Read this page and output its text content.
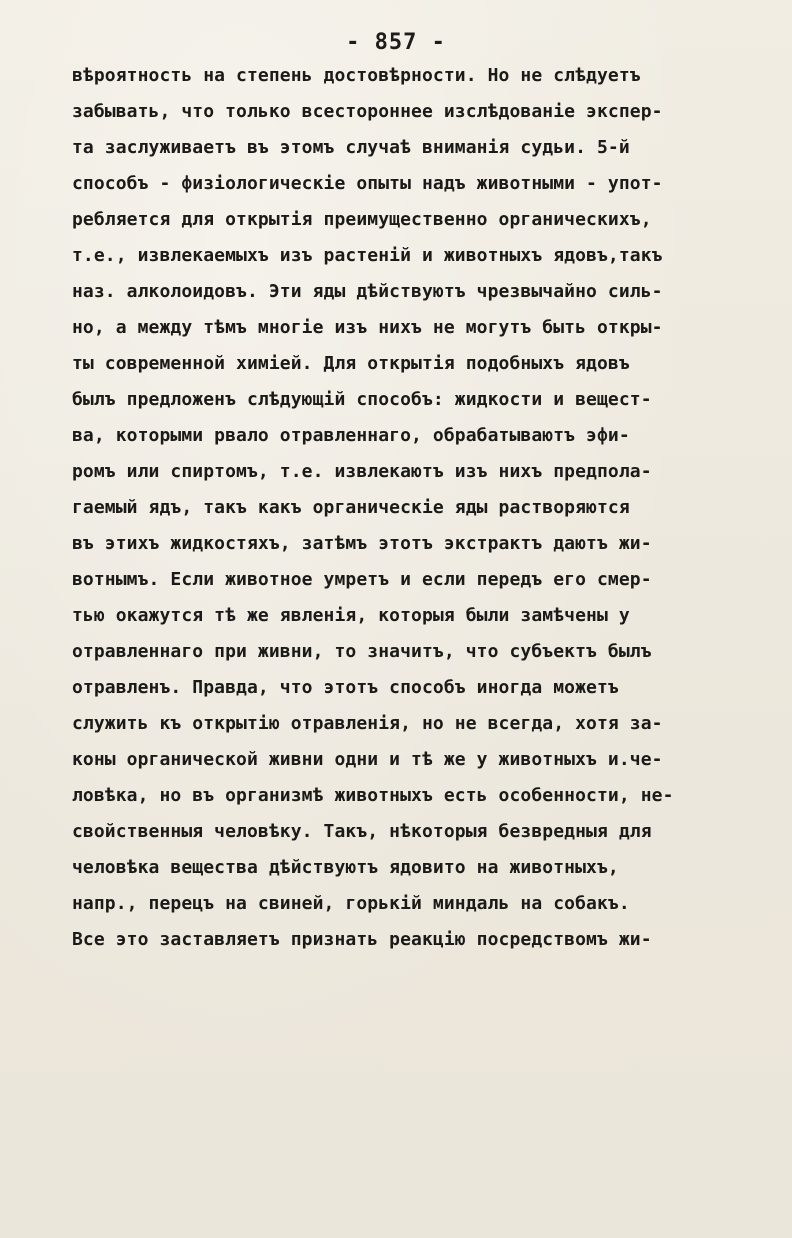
- 857 -
вѣроятность на степень достовѣрности. Но не слѣдуетъ
забывать, что только всестороннее изслѣдованіе экспер-
та заслуживаетъ въ этомъ случаѣ вниманія судьи. 5-й
способъ - физіологическіе опыты надъ животными - упот-
ребляется для открытія преимущественно органическихъ,
т.е., извлекаемыхъ изъ растеній и животныхъ ядовъ,такъ
наз. алколоидовъ. Эти яды дѣйствуютъ чрезвычайно силь-
но, а между тѣмъ многіе изъ нихъ не могутъ быть откры-
ты современной химіей. Для открытія подобныхъ ядовъ
былъ предложенъ слѣдующій способъ: жидкости и вещест-
ва, которыми рвало отравленнаго, обрабатываютъ эфи-
ромъ или спиртомъ, т.е. извлекаютъ изъ нихъ предпола-
гаемый ядъ, такъ какъ органическіе яды растворяются
въ этихъ жидкостяхъ, затѣмъ этотъ экстрактъ даютъ жи-
вотнымъ. Если животное умретъ и если передъ его смер-
тью окажутся тѣ же явленія, которыя были замѣчены у
отравленнаго при живни, то значитъ, что субъектъ былъ
отравленъ. Правда, что этотъ способъ иногда можетъ
служить къ открытію отравленія, но не всегда, хотя за-
коны органической живни одни и тѣ же у животныхъ и.че-
ловѣка, но въ организмѣ животныхъ есть особенности, не-
свойственныя человѣку. Такъ, нѣкоторыя безвредныя для
человѣка вещества дѣйствуютъ ядовито на животныхъ,
напр., перецъ на свиней, горькій миндаль на собакъ.
Все это заставляетъ признать реакцію посредствомъ жи-
